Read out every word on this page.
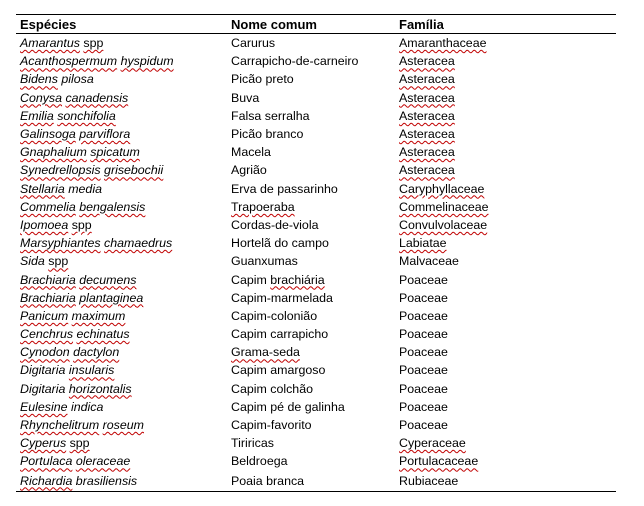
Espécies	Nome comum	Família
Amarantus spp	Carurus	Amaranthaceae
Acanthospermum hyspidum	Carrapicho-de-carneiro	Asteracea
Bidens pilosa	Picão preto	Asteracea
Conysa canadensis	Buva	Asteracea
Emilia sonchifolia	Falsa serralha	Asteracea
Galinsoga parviflora	Picão branco	Asteracea
Gnaphalium spicatum	Macela	Asteracea
Synedrellopsis grisebochii	Agrião	Asteracea
Stellaria media	Erva de passarinho	Caryphyllaceae
Commelia bengalensis	Trapoeraba	Commelinaceae
Ipomoea spp	Cordas-de-viola	Convulvolaceae
Marsyphiantes chamaedrus	Hortelã do campo	Labiatae
Sida spp	Guanxumas	Malvaceae
Brachiaria decumens	Capim brachiária	Poaceae
Brachiaria plantaginea	Capim-marmelada	Poaceae
Panicum maximum	Capim-colonião	Poaceae
Cenchrus echinatus	Capim carrapicho	Poaceae
Cynodon dactylon	Grama-seda	Poaceae
Digitaria insularis	Capim amargoso	Poaceae
Digitaria horizontalis	Capim colchão	Poaceae
Eulesine indica	Capim pé de galinha	Poaceae
Rhynchelitrum roseum	Capim-favorito	Poaceae
Cyperus spp	Tiriricas	Cyperaceae
Portulaca oleraceae	Beldroega	Portulacaceae
Richardia brasiliensis	Poaia branca	Rubiaceae
